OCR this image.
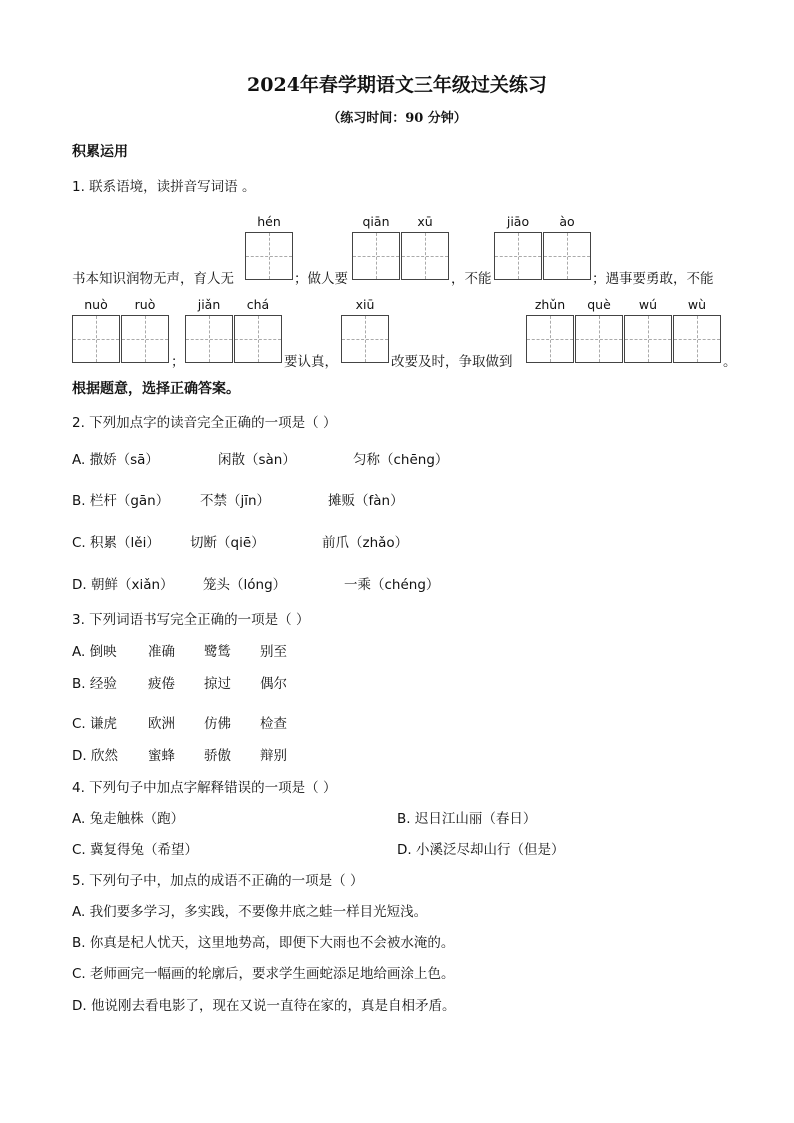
2024年春学期语文三年级过关练习
（练习时间：90 分钟）
积累运用
1. 联系语境，读拼音写词语 。
hén	qiān	xū	jiāo	ào
书本知识润物无声，育人无	；做人要	，不能	；遇事要勇敢，不能
nuò	ruò	jiǎn	chá	xiū	zhǔn	què	wú	wù
；	要认真，	改要及时，争取做到	。
根据题意，选择正确答案。
2. 下列加点字的读音完全正确的一项是（ ）
A. 撒娇（sā）	闲散（sàn）	匀称（chēng）
B. 栏杆（gān） 不禁（jīn）	摊贩（fàn）
C. 积累（lěi） 切断（qiē）	前爪（zhǎo）
D. 朝鲜（xiǎn） 笼头（lóng）	一乘（chéng）
3. 下列词语书写完全正确的一项是（ ）
A. 倒映 准确 鹭鸶 别至
B. 经验 疲倦 掠过 偶尔
C. 谦虎 欧洲 仿佛 检查
D. 欣然 蜜蜂 骄傲 辩别
4. 下列句子中加点字解释错误的一项是（ ）
A. 兔走触株（跑）	B. 迟日江山丽（春日）
C. 冀复得兔（希望）	D. 小溪泛尽却山行（但是）
5. 下列句子中，加点的成语不正确的一项是（ ）
A. 我们要多学习，多实践，不要像井底之蛙一样目光短浅。
B. 你真是杞人忧天，这里地势高，即便下大雨也不会被水淹的。
C. 老师画完一幅画的轮廓后，要求学生画蛇添足地给画涂上色。
D. 他说刚去看电影了，现在又说一直待在家的，真是自相矛盾。
